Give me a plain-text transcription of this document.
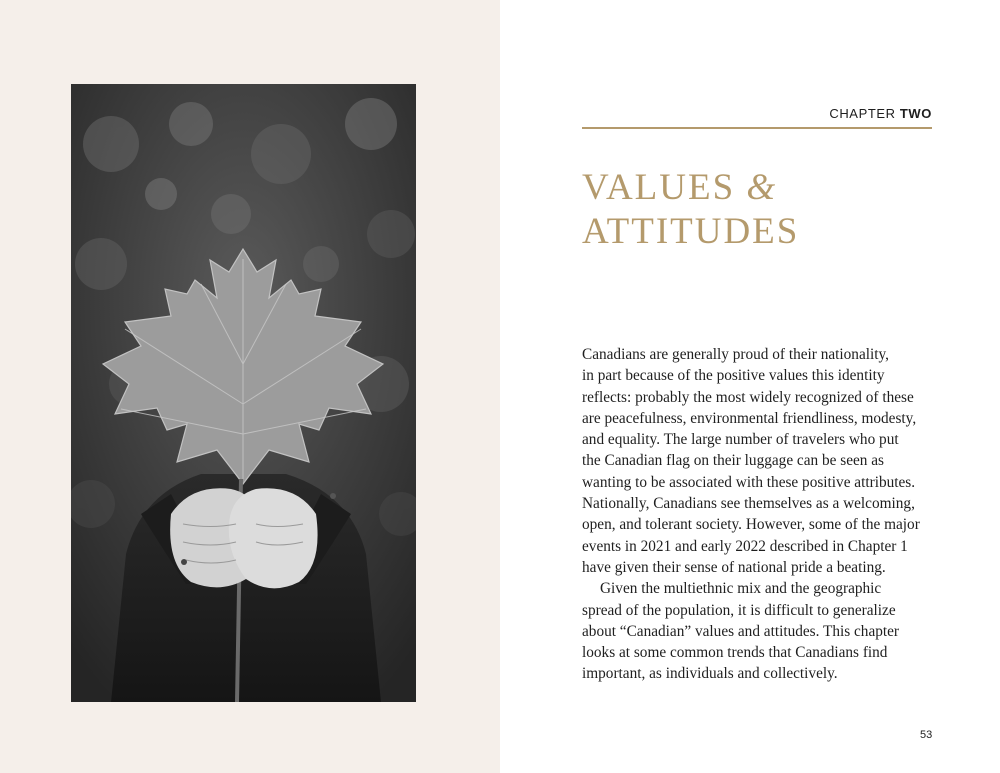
CHAPTER TWO
VALUES &
ATTITUDES
Canadians are generally proud of their nationality,
in part because of the positive values this identity
reflects: probably the most widely recognized of these
are peacefulness, environmental friendliness, modesty,
and equality. The large number of travelers who put
the Canadian flag on their luggage can be seen as
wanting to be associated with these positive attributes.
Nationally, Canadians see themselves as a welcoming,
open, and tolerant society. However, some of the major
events in 2021 and early 2022 described in Chapter 1
have given their sense of national pride a beating.
Given the multiethnic mix and the geographic
spread of the population, it is difficult to generalize
about “Canadian” values and attitudes. This chapter
looks at some common trends that Canadians find
important, as individuals and collectively.
53
